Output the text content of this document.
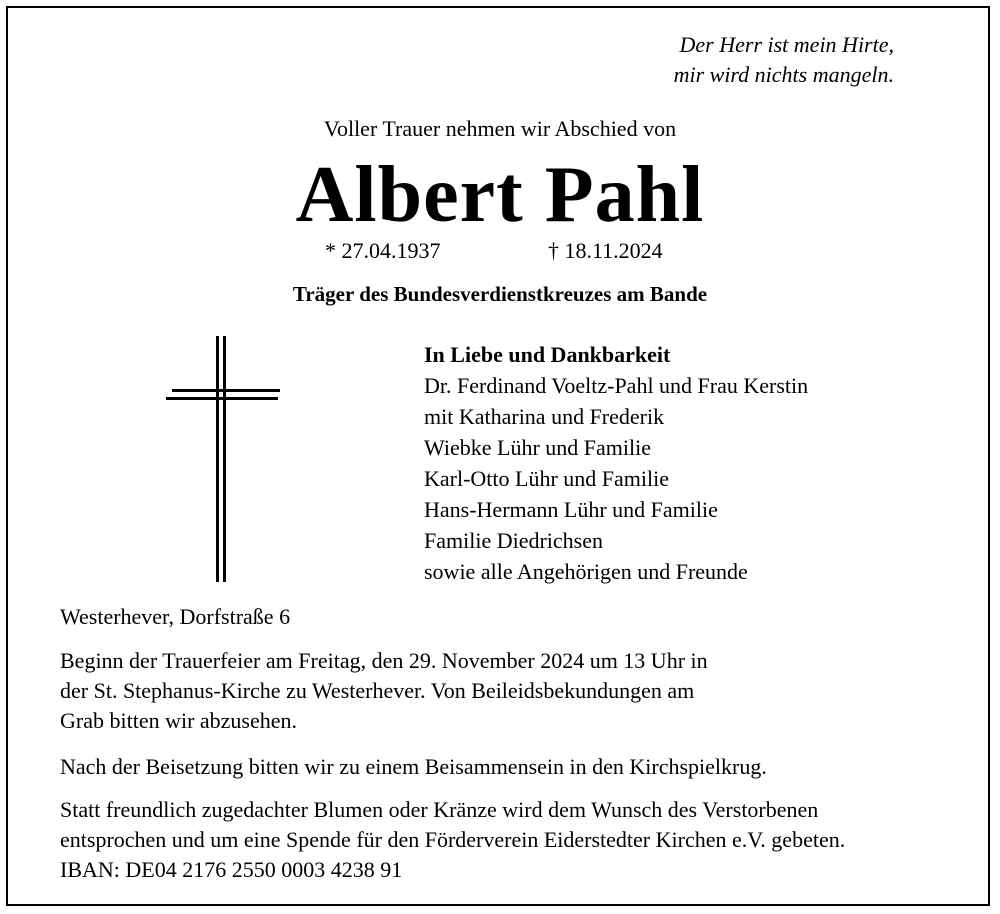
Der Herr ist mein Hirte,
mir wird nichts mangeln.
Voller Trauer nehmen wir Abschied von
Albert Pahl
* 27.04.1937	† 18.11.2024
Träger des Bundesverdienstkreuzes am Bande
In Liebe und Dankbarkeit
Dr. Ferdinand Voeltz-Pahl und Frau Kerstin
mit Katharina und Frederik
Wiebke Lühr und Familie
Karl-Otto Lühr und Familie
Hans-Hermann Lühr und Familie
Familie Diedrichsen
sowie alle Angehörigen und Freunde
Westerhever, Dorfstraße 6
Beginn der Trauerfeier am Freitag, den 29. November 2024 um 13 Uhr in
der St. Stephanus-Kirche zu Westerhever. Von Beileidsbekundungen am
Grab bitten wir abzusehen.
Nach der Beisetzung bitten wir zu einem Beisammensein in den Kirchspielkrug.
Statt freundlich zugedachter Blumen oder Kränze wird dem Wunsch des Verstorbenen
entsprochen und um eine Spende für den Förderverein Eiderstedter Kirchen e.V. gebeten.
IBAN: DE04 2176 2550 0003 4238 91
